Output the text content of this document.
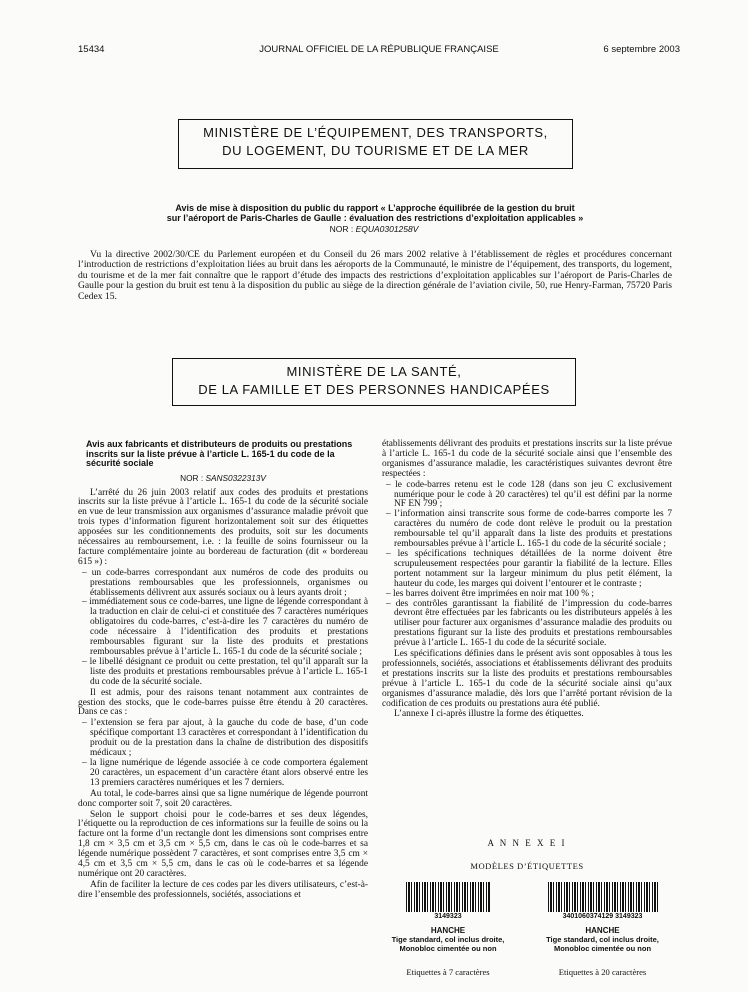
15434	JOURNAL OFFICIEL DE LA RÉPUBLIQUE FRANÇAISE	6 septembre 2003
MINISTÈRE DE L’ÉQUIPEMENT, DES TRANSPORTS,
DU LOGEMENT, DU TOURISME ET DE LA MER
Avis de mise à disposition du public du rapport « L’approche équilibrée de la gestion du bruit
sur l’aéroport de Paris-Charles de Gaulle : évaluation des restrictions d’exploitation applicables »
NOR : EQUA0301258V

Vu la directive 2002/30/CE du Parlement européen et du Conseil du 26 mars 2002 relative à l’établissement de règles et procédures concernant l’introduction de restrictions d’exploitation liées au bruit dans les aéroports de la Communauté, le ministre de l’équipement, des transports, du logement, du tourisme et de la mer fait connaître que le rapport d’étude des impacts des restrictions d’exploitation applicables sur l’aéroport de Paris-Charles de Gaulle pour la gestion du bruit est tenu à la disposition du public au siège de la direction générale de l’aviation civile, 50, rue Henry-Farman, 75720 Paris Cedex 15.

MINISTÈRE DE LA SANTÉ,
DE LA FAMILLE ET DES PERSONNES HANDICAPÉES

Avis aux fabricants et distributeurs de produits ou prestations inscrits sur la liste prévue à l’article L. 165-1 du code de la sécurité sociale

NOR : SANS0322313V

L’arrêté du 26 juin 2003 relatif aux codes des produits et prestations inscrits sur la liste prévue à l’article L. 165-1 du code de la sécurité sociale en vue de leur transmission aux organismes d’assurance maladie prévoit que trois types d’information figurent horizontalement soit sur des étiquettes apposées sur les conditionnements des produits, soit sur les documents nécessaires au remboursement, i.e. : la feuille de soins fournisseur ou la facture complémentaire jointe au bordereau de facturation (dit « bordereau 615 ») :

– un code-barres correspondant aux numéros de code des produits ou prestations remboursables que les professionnels, organismes ou établissements délivrent aux assurés sociaux ou à leurs ayants droit ;
– immédiatement sous ce code-barres, une ligne de légende correspondant à la traduction en clair de celui-ci et constituée des 7 caractères numériques obligatoires du code-barres, c’est-à-dire les 7 caractères du numéro de code nécessaire à l’identification des produits et prestations remboursables figurant sur la liste des produits et prestations remboursables prévue à l’article L. 165-1 du code de la sécurité sociale ;
– le libellé désignant ce produit ou cette prestation, tel qu’il apparaît sur la liste des produits et prestations remboursables prévue à l’article L. 165-1 du code de la sécurité sociale.

Il est admis, pour des raisons tenant notamment aux contraintes de gestion des stocks, que le code-barres puisse être étendu à 20 caractères. Dans ce cas :

– l’extension se fera par ajout, à la gauche du code de base, d’un code spécifique comportant 13 caractères et correspondant à l’identification du produit ou de la prestation dans la chaîne de distribution des dispositifs médicaux ;
– la ligne numérique de légende associée à ce code comportera également 20 caractères, un espacement d’un caractère étant alors observé entre les 13 premiers caractères numériques et les 7 derniers.

Au total, le code-barres ainsi que sa ligne numérique de légende pourront donc comporter soit 7, soit 20 caractères.

Selon le support choisi pour le code-barres et ses deux légendes, l’étiquette ou la reproduction de ces informations sur la feuille de soins ou la facture ont la forme d’un rectangle dont les dimensions sont comprises entre 1,8 cm × 3,5 cm et 3,5 cm × 5,5 cm, dans le cas où le code-barres et sa légende numérique possèdent 7 caractères, et sont comprises entre 3,5 cm × 4,5 cm et 3,5 cm × 5,5 cm, dans le cas où le code-barres et sa légende numérique ont 20 caractères.

Afin de faciliter la lecture de ces codes par les divers utilisateurs, c’est-à-dire l’ensemble des professionnels, sociétés, associations et

établissements délivrant des produits et prestations inscrits sur la liste prévue à l’article L. 165-1 du code de la sécurité sociale ainsi que l’ensemble des organismes d’assurance maladie, les caractéristiques suivantes devront être respectées :

– le code-barres retenu est le code 128 (dans son jeu C exclusivement numérique pour le code à 20 caractères) tel qu’il est défini par la norme NF EN 799 ;
– l’information ainsi transcrite sous forme de code-barres comporte les 7 caractères du numéro de code dont relève le produit ou la prestation remboursable tel qu’il apparaît dans la liste des produits et prestations remboursables prévue à l’article L. 165-1 du code de la sécurité sociale ;
– les spécifications techniques détaillées de la norme doivent être scrupuleusement respectées pour garantir la fiabilité de la lecture. Elles portent notamment sur la largeur minimum du plus petit élément, la hauteur du code, les marges qui doivent l’entourer et le contraste ;
– les barres doivent être imprimées en noir mat 100 % ;
– des contrôles garantissant la fiabilité de l’impression du code-barres devront être effectuées par les fabricants ou les distributeurs appelés à les utiliser pour facturer aux organismes d’assurance maladie des produits ou prestations figurant sur la liste des produits et prestations remboursables prévue à l’article L. 165-1 du code de la sécurité sociale.

Les spécifications définies dans le présent avis sont opposables à tous les professionnels, sociétés, associations et établissements délivrant des produits et prestations inscrits sur la liste des produits et prestations remboursables prévue à l’article L. 165-1 du code de la sécurité sociale ainsi qu’aux organismes d’assurance maladie, dès lors que l’arrêté portant révision de la codification de ces produits ou prestations aura été publié.

L’annexe I ci-après illustre la forme des étiquettes.

A N N E X E I
MODÈLES D’ÉTIQUETTES
3149323
HANCHE
Tige standard, col inclus droite,
Monobloc cimentée ou non
Etiquettes à 7 caractères
3401060374129 3149323
HANCHE
Tige standard, col inclus droite,
Monobloc cimentée ou non
Etiquettes à 20 caractères
